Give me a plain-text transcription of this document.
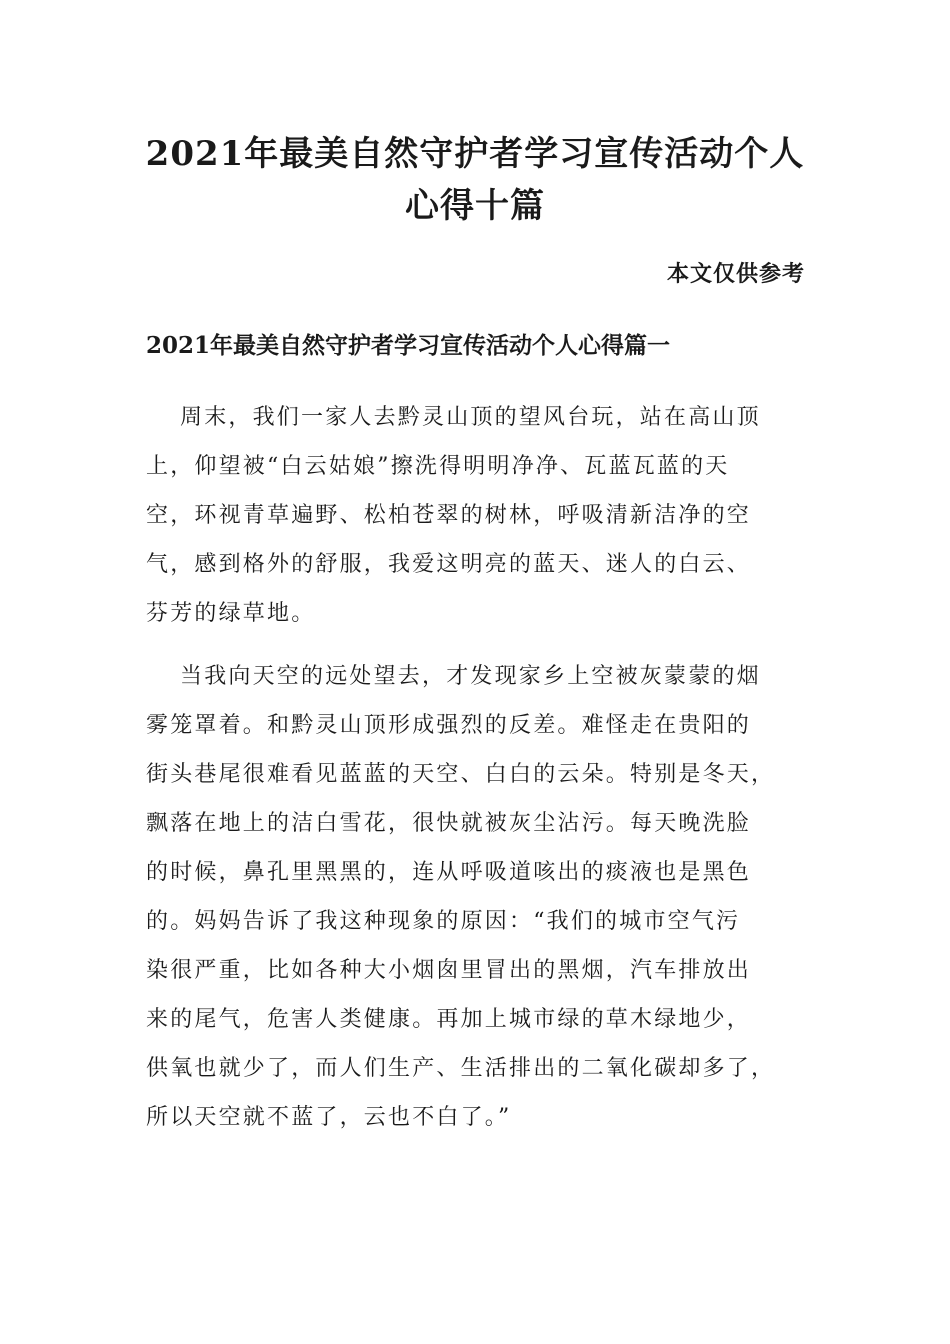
2021年最美自然守护者学习宣传活动个人
心得十篇
本文仅供参考
2021年最美自然守护者学习宣传活动个人心得篇一

周末，我们一家人去黔灵山顶的望风台玩，站在高山顶
上，仰望被“白云姑娘”擦洗得明明净净、瓦蓝瓦蓝的天
空，环视青草遍野、松柏苍翠的树林，呼吸清新洁净的空
气，感到格外的舒服，我爱这明亮的蓝天、迷人的白云、
芬芳的绿草地。

当我向天空的远处望去，才发现家乡上空被灰蒙蒙的烟
雾笼罩着。和黔灵山顶形成强烈的反差。难怪走在贵阳的
街头巷尾很难看见蓝蓝的天空、白白的云朵。特别是冬天，
飘落在地上的洁白雪花，很快就被灰尘沾污。每天晚洗脸
的时候，鼻孔里黑黑的，连从呼吸道咳出的痰液也是黑色
的。妈妈告诉了我这种现象的原因：“我们的城市空气污
染很严重，比如各种大小烟囱里冒出的黑烟，汽车排放出
来的尾气，危害人类健康。再加上城市绿的草木绿地少，
供氧也就少了，而人们生产、生活排出的二氧化碳却多了，
所以天空就不蓝了，云也不白了。”
